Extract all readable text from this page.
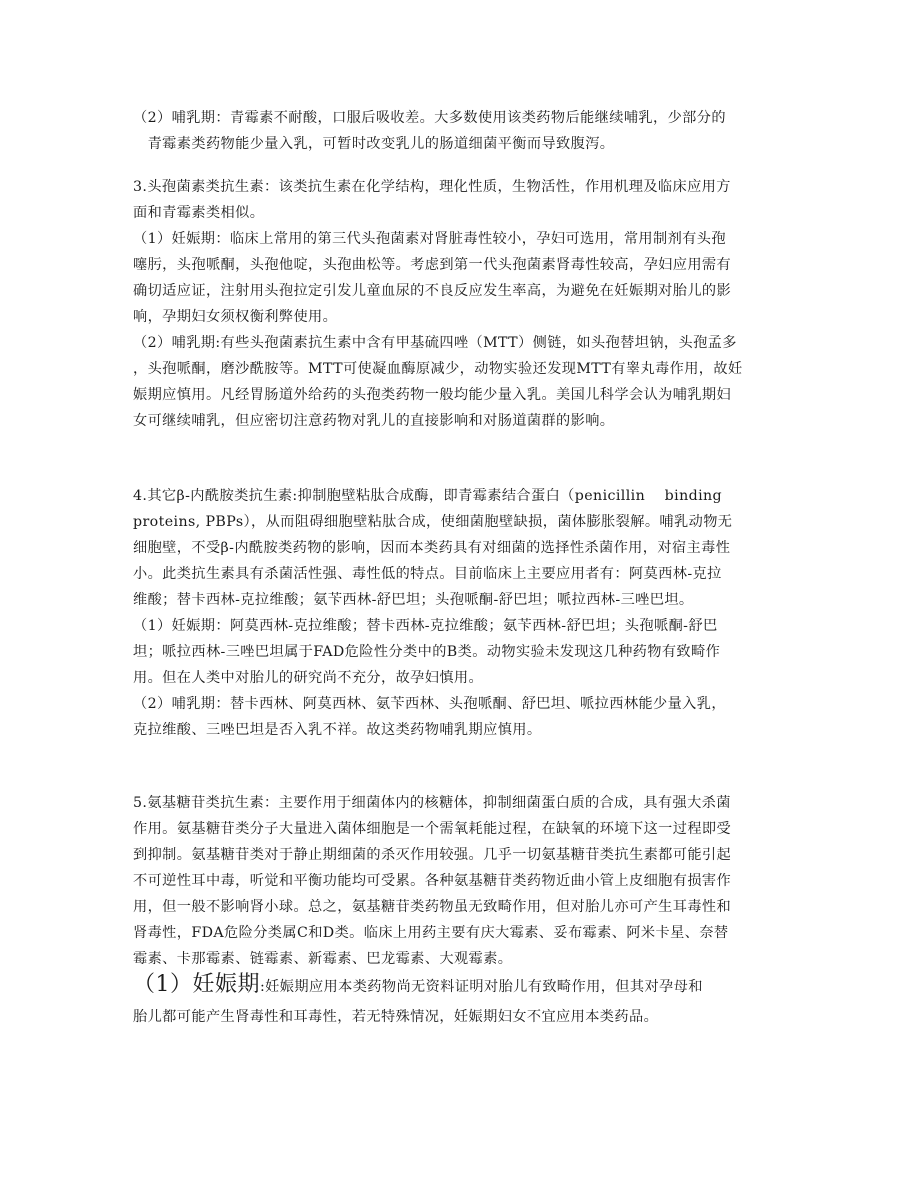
（2）哺乳期：青霉素不耐酸，口服后吸收差。大多数使用该类药物后能继续哺乳，少部分的
　青霉素类药物能少量入乳，可暂时改变乳儿的肠道细菌平衡而导致腹泻。
3.头孢菌素类抗生素：该类抗生素在化学结构，理化性质，生物活性，作用机理及临床应用方
面和青霉素类相似。
（1）妊娠期：临床上常用的第三代头孢菌素对肾脏毒性较小，孕妇可选用，常用制剂有头孢
噻肟，头孢哌酮，头孢他啶，头孢曲松等。考虑到第一代头孢菌素肾毒性较高，孕妇应用需有
确切适应证，注射用头孢拉定引发儿童血尿的不良反应发生率高，为避免在妊娠期对胎儿的影
响，孕期妇女须权衡利弊使用。
（2）哺乳期:有些头孢菌素抗生素中含有甲基硫四唑（MTT）侧链，如头孢替坦钠，头孢孟多
，头孢哌酮，磨沙酰胺等。MTT可使凝血酶原减少，动物实验还发现MTT有睾丸毒作用，故妊
娠期应慎用。凡经胃肠道外给药的头孢类药物一般均能少量入乳。美国儿科学会认为哺乳期妇
女可继续哺乳，但应密切注意药物对乳儿的直接影响和对肠道菌群的影响。
4.其它β-内酰胺类抗生素:抑制胞壁粘肽合成酶，即青霉素结合蛋白（penicillin　 binding
proteins, PBPs），从而阻碍细胞壁粘肽合成，使细菌胞壁缺损，菌体膨胀裂解。哺乳动物无
细胞壁，不受β-内酰胺类药物的影响，因而本类药具有对细菌的选择性杀菌作用，对宿主毒性
小。此类抗生素具有杀菌活性强、毒性低的特点。目前临床上主要应用者有：阿莫西林-克拉
维酸；替卡西林-克拉维酸；氨苄西林-舒巴坦；头孢哌酮-舒巴坦；哌拉西林-三唑巴坦。
（1）妊娠期：阿莫西林-克拉维酸；替卡西林-克拉维酸；氨苄西林-舒巴坦；头孢哌酮-舒巴
坦；哌拉西林-三唑巴坦属于FAD危险性分类中的B类。动物实验未发现这几种药物有致畸作
用。但在人类中对胎儿的研究尚不充分，故孕妇慎用。
（2）哺乳期：替卡西林、阿莫西林、氨苄西林、头孢哌酮、舒巴坦、哌拉西林能少量入乳，
克拉维酸、三唑巴坦是否入乳不祥。故这类药物哺乳期应慎用。
5.氨基糖苷类抗生素：主要作用于细菌体内的核糖体，抑制细菌蛋白质的合成，具有强大杀菌
作用。氨基糖苷类分子大量进入菌体细胞是一个需氧耗能过程，在缺氧的环境下这一过程即受
到抑制。氨基糖苷类对于静止期细菌的杀灭作用较强。几乎一切氨基糖苷类抗生素都可能引起
不可逆性耳中毒，听觉和平衡功能均可受累。各种氨基糖苷类药物近曲小管上皮细胞有损害作
用，但一般不影响肾小球。总之，氨基糖苷类药物虽无致畸作用，但对胎儿亦可产生耳毒性和
肾毒性，FDA危险分类属C和D类。临床上用药主要有庆大霉素、妥布霉素、阿米卡星、奈替
霉素、卡那霉素、链霉素、新霉素、巴龙霉素、大观霉素。
（1）妊娠期:妊娠期应用本类药物尚无资料证明对胎儿有致畸作用，但其对孕母和
胎儿都可能产生肾毒性和耳毒性，若无特殊情况，妊娠期妇女不宜应用本类药品。
